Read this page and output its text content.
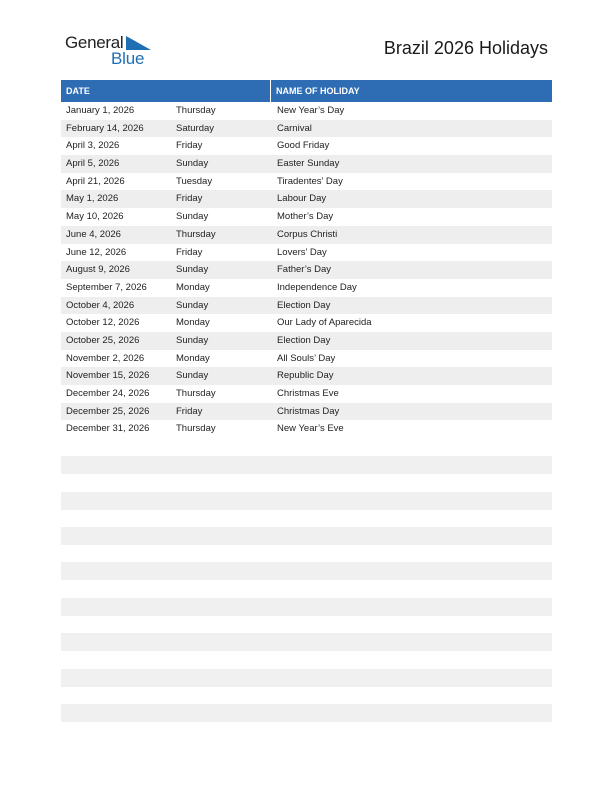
General
Blue
Brazil 2026 Holidays
DATE	NAME OF HOLIDAY
January 1, 2026	Thursday	New Year’s Day
February 14, 2026	Saturday	Carnival
April 3, 2026	Friday	Good Friday
April 5, 2026	Sunday	Easter Sunday
April 21, 2026	Tuesday	Tiradentes’ Day
May 1, 2026	Friday	Labour Day
May 10, 2026	Sunday	Mother’s Day
June 4, 2026	Thursday	Corpus Christi
June 12, 2026	Friday	Lovers’ Day
August 9, 2026	Sunday	Father’s Day
September 7, 2026	Monday	Independence Day
October 4, 2026	Sunday	Election Day
October 12, 2026	Monday	Our Lady of Aparecida
October 25, 2026	Sunday	Election Day
November 2, 2026	Monday	All Souls’ Day
November 15, 2026	Sunday	Republic Day
December 24, 2026	Thursday	Christmas Eve
December 25, 2026	Friday	Christmas Day
December 31, 2026	Thursday	New Year’s Eve
